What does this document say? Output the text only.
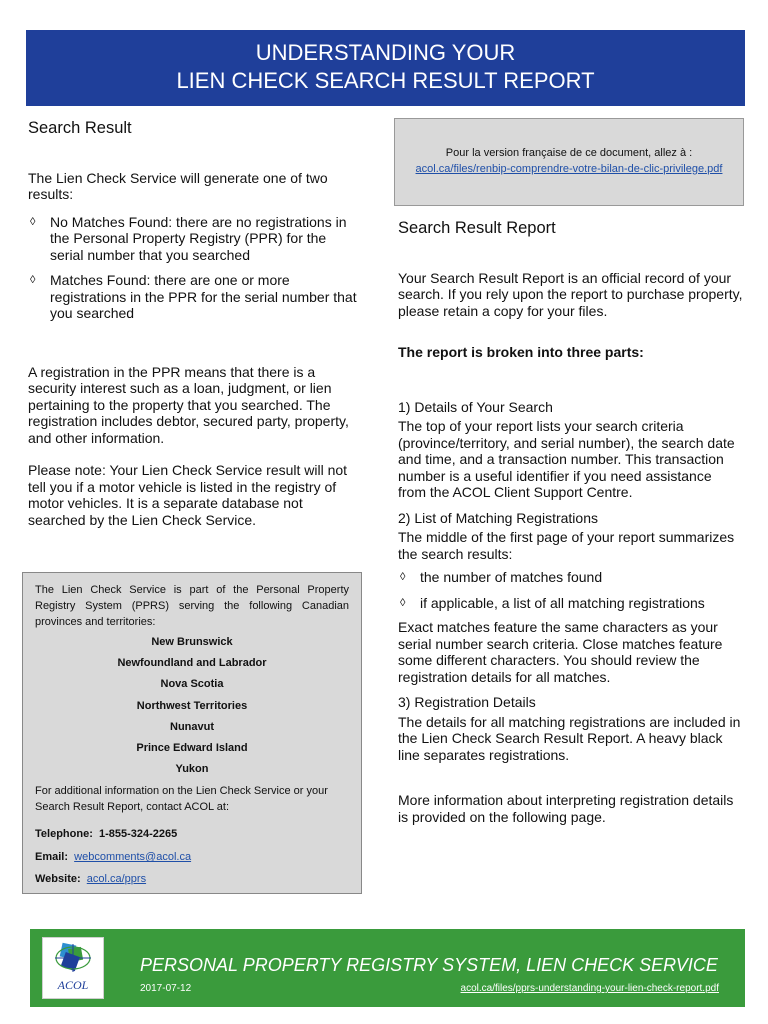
UNDERSTANDING YOUR
LIEN CHECK SEARCH RESULT REPORT
Search Result

The Lien Check Service will generate one of two results:

◊ No Matches Found: there are no registrations in the Personal Property Registry (PPR) for the serial number that you searched
◊ Matches Found: there are one or more registrations in the PPR for the serial number that you searched

A registration in the PPR means that there is a security interest such as a loan, judgment, or lien pertaining to the property that you searched. The registration includes debtor, secured party, property, and other information.

Please note: Your Lien Check Service result will not tell you if a motor vehicle is listed in the registry of motor vehicles. It is a separate database not searched by the Lien Check Service.

The Lien Check Service is part of the Personal Property Registry System (PPRS) serving the following Canadian provinces and territories:

New Brunswick
Newfoundland and Labrador
Nova Scotia
Northwest Territories
Nunavut
Prince Edward Island
Yukon

For additional information on the Lien Check Service or your Search Result Report, contact ACOL at:

Telephone: 1-855-324-2265

Email: webcomments@acol.ca

Website: acol.ca/pprs

Pour la version française de ce document, allez à :
acol.ca/files/renbip-comprendre-votre-bilan-de-clic-privilege.pdf
Search Result Report

Your Search Result Report is an official record of your search. If you rely upon the report to purchase property, please retain a copy for your files.

The report is broken into three parts:

1) Details of Your Search

The top of your report lists your search criteria (province/territory, and serial number), the search date and time, and a transaction number. This transaction number is a useful identifier if you need assistance from the ACOL Client Support Centre.

2) List of Matching Registrations

The middle of the first page of your report summarizes the search results:

◊ the number of matches found
◊ if applicable, a list of all matching registrations

Exact matches feature the same characters as your serial number search criteria. Close matches feature some different characters. You should review the registration details for all matches.

3) Registration Details

The details for all matching registrations are included in the Lien Check Search Result Report. A heavy black line separates registrations.

More information about interpreting registration details is provided on the following page.

ACOL
PERSONAL PROPERTY REGISTRY SYSTEM, LIEN CHECK SERVICE
2017-07-12	acol.ca/files/pprs-understanding-your-lien-check-report.pdf
